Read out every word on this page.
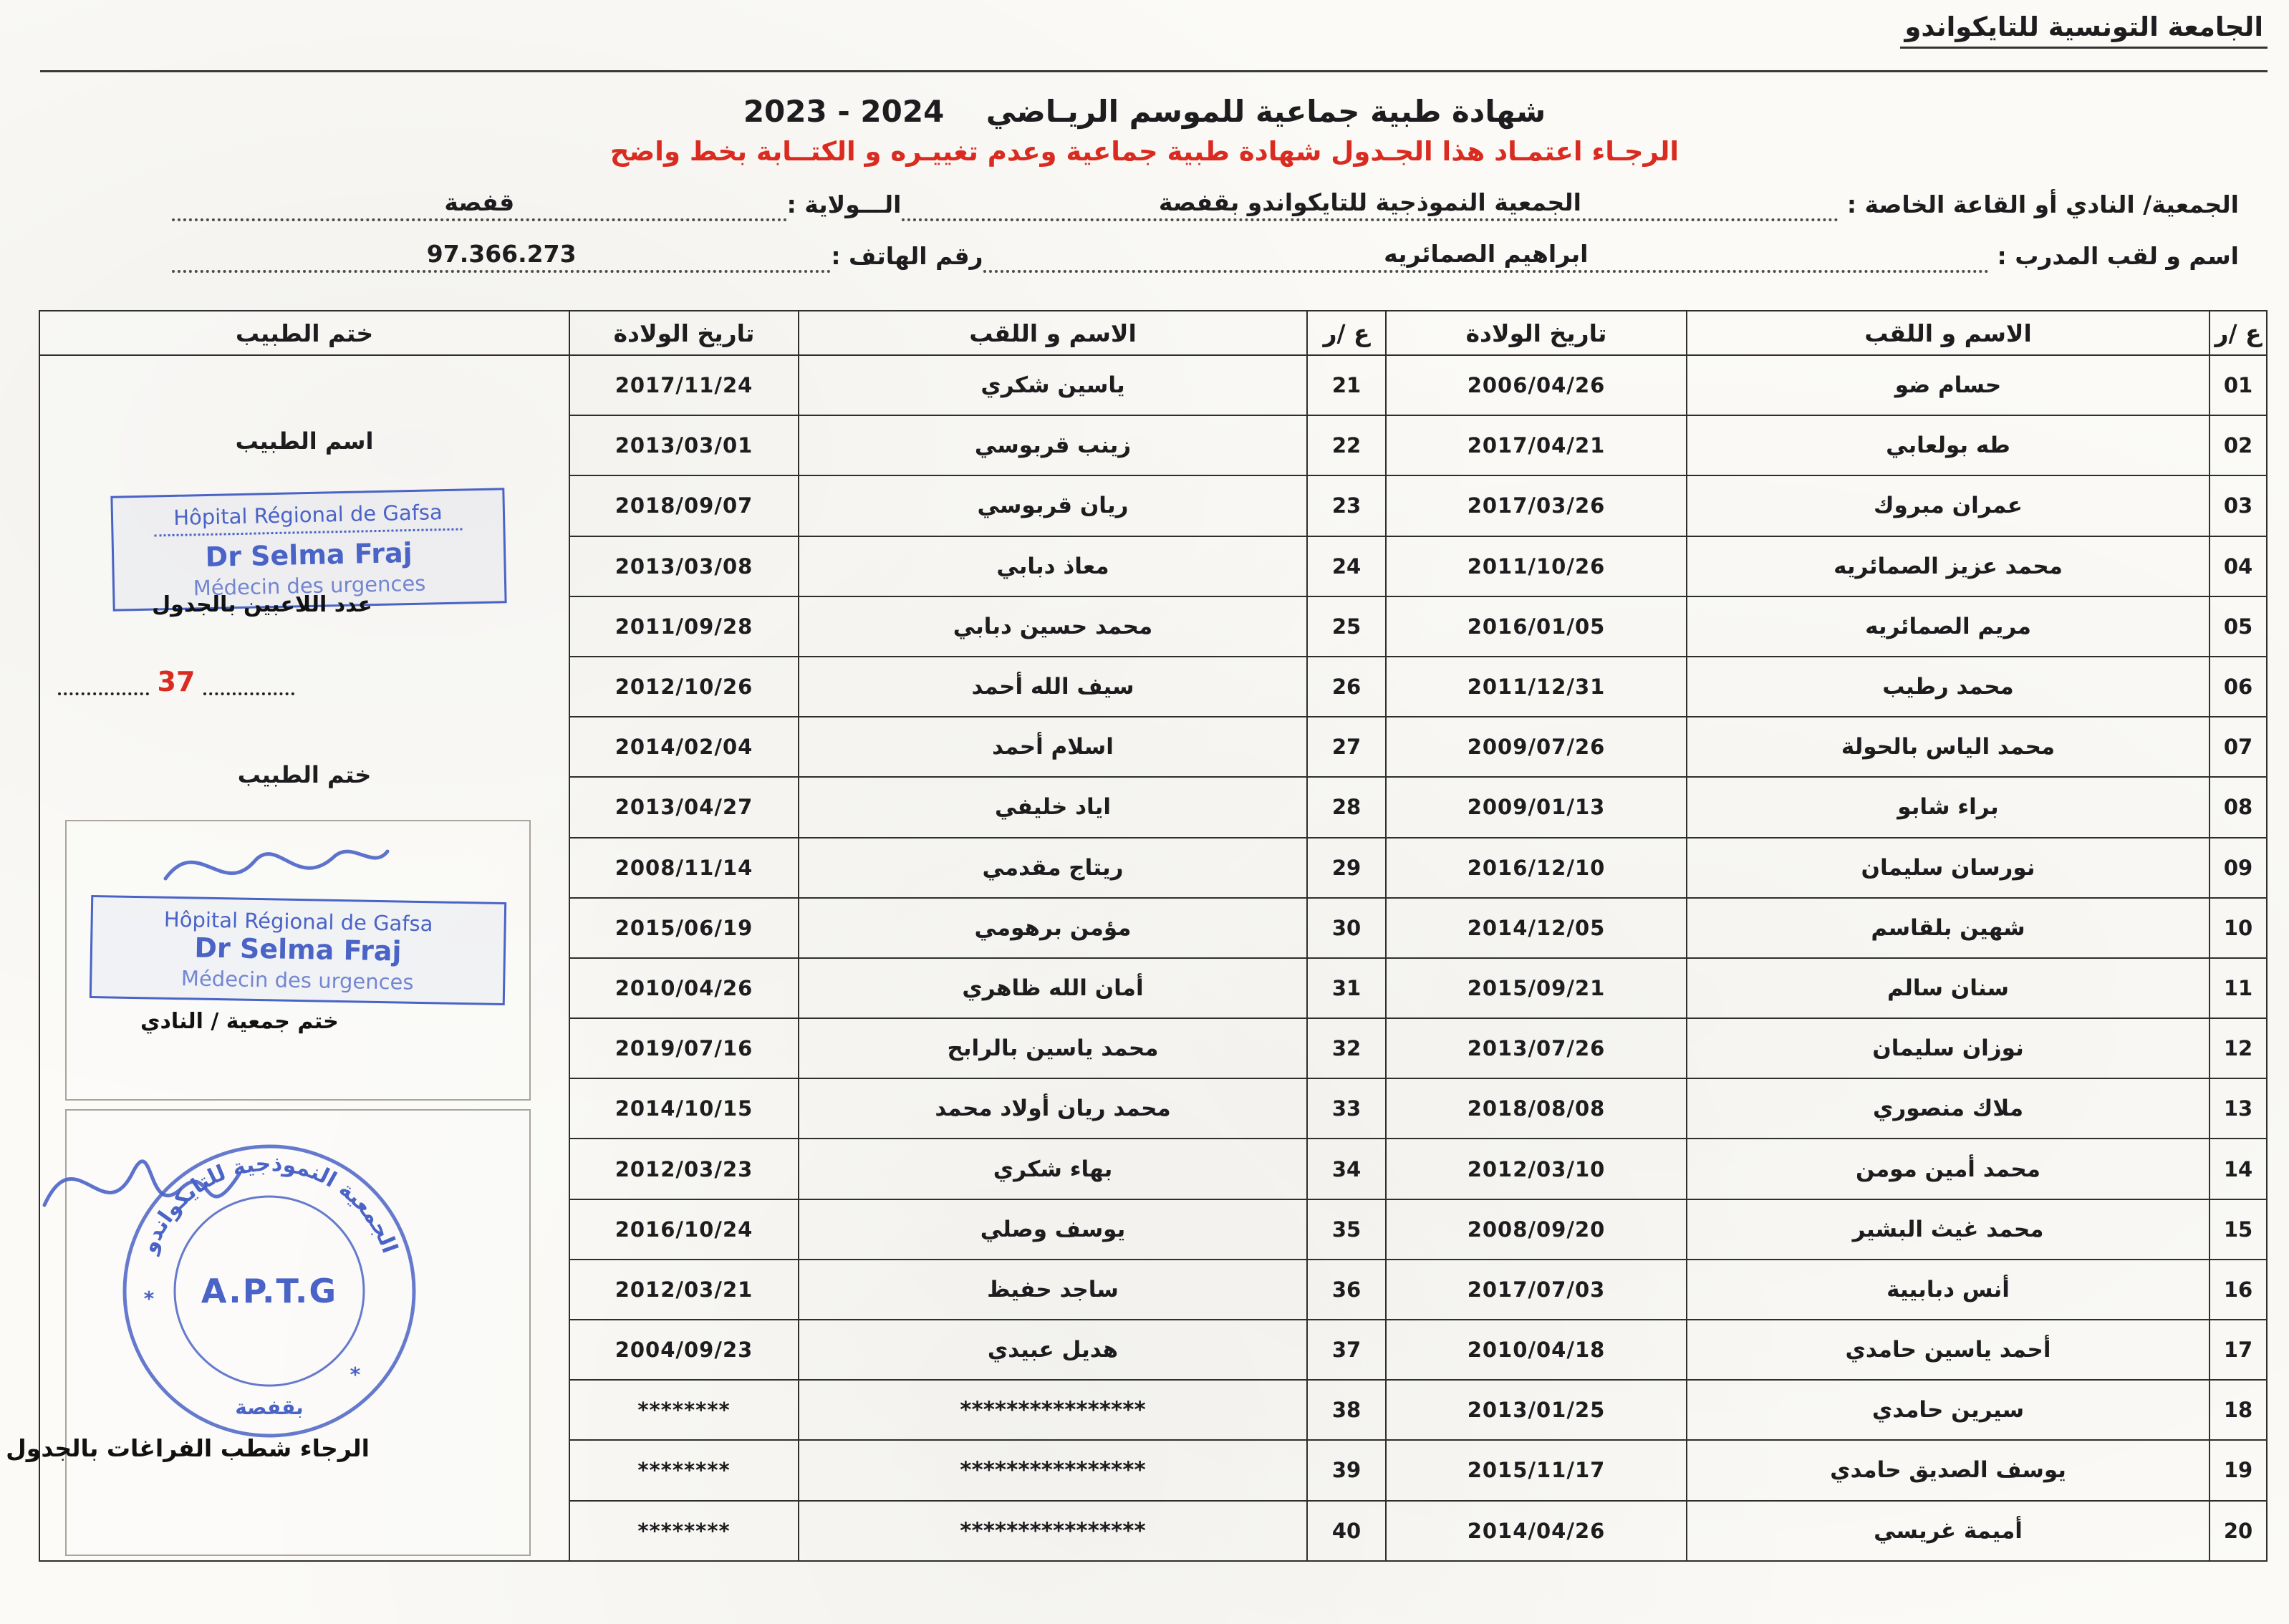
الجامعة التونسية للتايكواندو
شهادة طبية جماعية للموسم الريـاضي    2023 - 2024
الرجـاء اعتمـاد هذا الجـدول شهادة طبية جماعية وعدم تغييـره و الكتــابة بخط واضح
الجمعية/ النادي أو القاعة الخاصة
:
الجمعية النموذجية للتايكواندو بقفصة
الـــولاية :
قفصة
اسم و لقب المدرب
:
ابراهيم الصمائريه
رقم الهاتف :
97.366.273
ع /ر	الاسم و اللقب	تاريخ الولادة	ع /ر	الاسم و اللقب	تاريخ الولادة
01	حسام ضو	2006/04/26	21	ياسين شكري	2017/11/24
02	طه بولعابي	2017/04/21	22	زينب قربوسي	2013/03/01
03	عمران مبروك	2017/03/26	23	ريان قربوسي	2018/09/07
04	محمد عزيز الصمائريه	2011/10/26	24	معاذ دبابي	2013/03/08
05	مريم الصمائريه	2016/01/05	25	محمد حسين دبابي	2011/09/28
06	محمد رطيب	2011/12/31	26	سيف الله أحمد	2012/10/26
07	محمد الياس بالحولة	2009/07/26	27	اسلام أحمد	2014/02/04
08	براء شابو	2009/01/13	28	اياد خليفي	2013/04/27
09	نورسان سليمان	2016/12/10	29	ريتاج مقدمي	2008/11/14
10	شهين بلقاسم	2014/12/05	30	مؤمن برهومي	2015/06/19
11	سنان سالم	2015/09/21	31	أمان الله ظاهري	2010/04/26
12	نوزان سليمان	2013/07/26	32	محمد ياسين بالرابح	2019/07/16
13	ملاك منصوري	2018/08/08	33	محمد ريان أولاد محمد	2014/10/15
14	محمد أمين مومن	2012/03/10	34	بهاء شكري	2012/03/23
15	محمد غيث البشير	2008/09/20	35	يوسف وصلي	2016/10/24
16	أنس دبابيية	2017/07/03	36	ساجد حفيظ	2012/03/21
17	أحمد ياسين حامدي	2010/04/18	37	هديل عبيدي	2004/09/23
18	سيرين حامدي	2013/01/25	38	****************	********
19	يوسف الصديق حامدي	2015/11/17	39	****************	********
20	أميمة غريسي	2014/04/26	40	****************	********
ختم الطبيب
اسم الطبيب
Hôpital Régional de Gafsa
Dr Selma Fraj
Médecin des urgences
عدد اللاعبين بالجدول
37
ختم الطبيب
Hôpital Régional de Gafsa
Dr Selma Fraj
Médecin des urgences
ختم جمعية / النادي
الجمعية النموذجية للتايكواندو
A.P.T.G
بقفصة
*
*
الرجاء شطب الفراغات بالجدول
